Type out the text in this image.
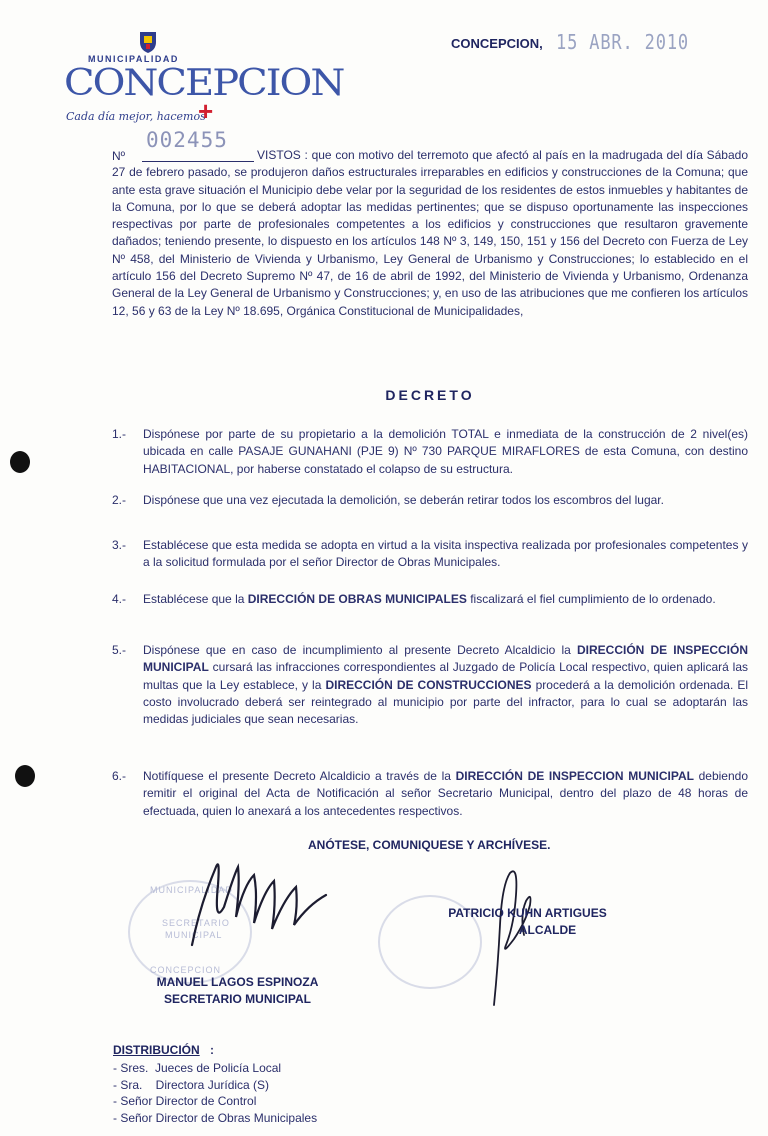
MUNICIPALIDAD
CONCEPCION
Cada día mejor, hacemos
+
CONCEPCION, 15 ABR. 2010
Nº
002455
VISTOS : que con motivo del terremoto que afectó al país en la madrugada del día Sábado 27 de febrero pasado, se produjeron daños estructurales irreparables en edificios y construcciones de la Comuna; que ante esta grave situación el Municipio debe velar por la seguridad de los residentes de estos inmuebles y habitantes de la Comuna, por lo que se deberá adoptar las medidas pertinentes; que se dispuso oportunamente las inspecciones respectivas por parte de profesionales competentes a los edificios y construcciones que resultaron gravemente dañados; teniendo presente, lo dispuesto en los artículos 148 Nº 3, 149, 150, 151 y 156 del Decreto con Fuerza de Ley Nº 458, del Ministerio de Vivienda y Urbanismo, Ley General de Urbanismo y Construcciones; lo establecido en el artículo 156 del Decreto Supremo Nº 47, de 16 de abril de 1992, del Ministerio de Vivienda y Urbanismo, Ordenanza General de la Ley General de Urbanismo y Construcciones; y, en uso de las atribuciones que me confieren los artículos 12, 56 y 63 de la Ley Nº 18.695, Orgánica Constitucional de Municipalidades,
DECRETO
1.- Dispónese por parte de su propietario a la demolición TOTAL e inmediata de la construcción de 2 nivel(es) ubicada en calle PASAJE GUNAHANI (PJE 9) Nº 730 PARQUE MIRAFLORES de esta Comuna, con destino HABITACIONAL, por haberse constatado el colapso de su estructura.
2.- Dispónese que una vez ejecutada la demolición, se deberán retirar todos los escombros del lugar.
3.- Establécese que esta medida se adopta en virtud a la visita inspectiva realizada por profesionales competentes y a la solicitud formulada por el señor Director de Obras Municipales.
4.- Establécese que la DIRECCIÓN DE OBRAS MUNICIPALES fiscalizará el fiel cumplimiento de lo ordenado.
5.- Dispónese que en caso de incumplimiento al presente Decreto Alcaldicio la DIRECCIÓN DE INSPECCIÓN MUNICIPAL cursará las infracciones correspondientes al Juzgado de Policía Local respectivo, quien aplicará las multas que la Ley establece, y la DIRECCIÓN DE CONSTRUCCIONES procederá a la demolición ordenada. El costo involucrado deberá ser reintegrado al municipio por parte del infractor, para lo cual se adoptarán las medidas judiciales que sean necesarias.
6.- Notifíquese el presente Decreto Alcaldicio a través de la DIRECCIÓN DE INSPECCION MUNICIPAL debiendo remitir el original del Acta de Notificación al señor Secretario Municipal, dentro del plazo de 48 horas de efectuada, quien lo anexará a los antecedentes respectivos.
ANÓTESE, COMUNIQUESE Y ARCHÍVESE.
MUNICIPALIDAD
SECRETARIO
MUNICIPAL
CONCEPCION
PATRICIO KUHN ARTIGUES
ALCALDE
MANUEL LAGOS ESPINOZA
SECRETARIO MUNICIPAL
DISTRIBUCIÓN :
- Sres.  Jueces de Policía Local
- Sra.    Directora Jurídica (S)
- Señor Director de Control
- Señor Director de Obras Municipales
